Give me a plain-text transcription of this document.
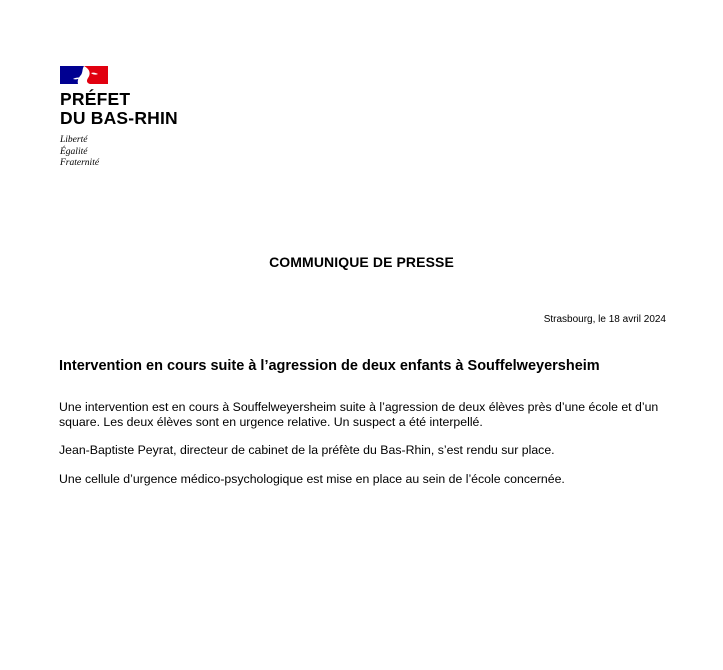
PRÉFET
DU BAS-RHIN
Liberté
Égalité
Fraternité
COMMUNIQUE DE PRESSE
Strasbourg, le 18 avril 2024
Intervention en cours suite à l’agression de deux enfants à Souffelweyersheim

Une intervention est en cours à Souffelweyersheim suite à l’agression de deux élèves près d’une école et d’un square. Les deux élèves sont en urgence relative. Un suspect a été interpellé.

Jean-Baptiste Peyrat, directeur de cabinet de la préfète du Bas-Rhin, s’est rendu sur place.

Une cellule d’urgence médico-psychologique est mise en place au sein de l’école concernée.
